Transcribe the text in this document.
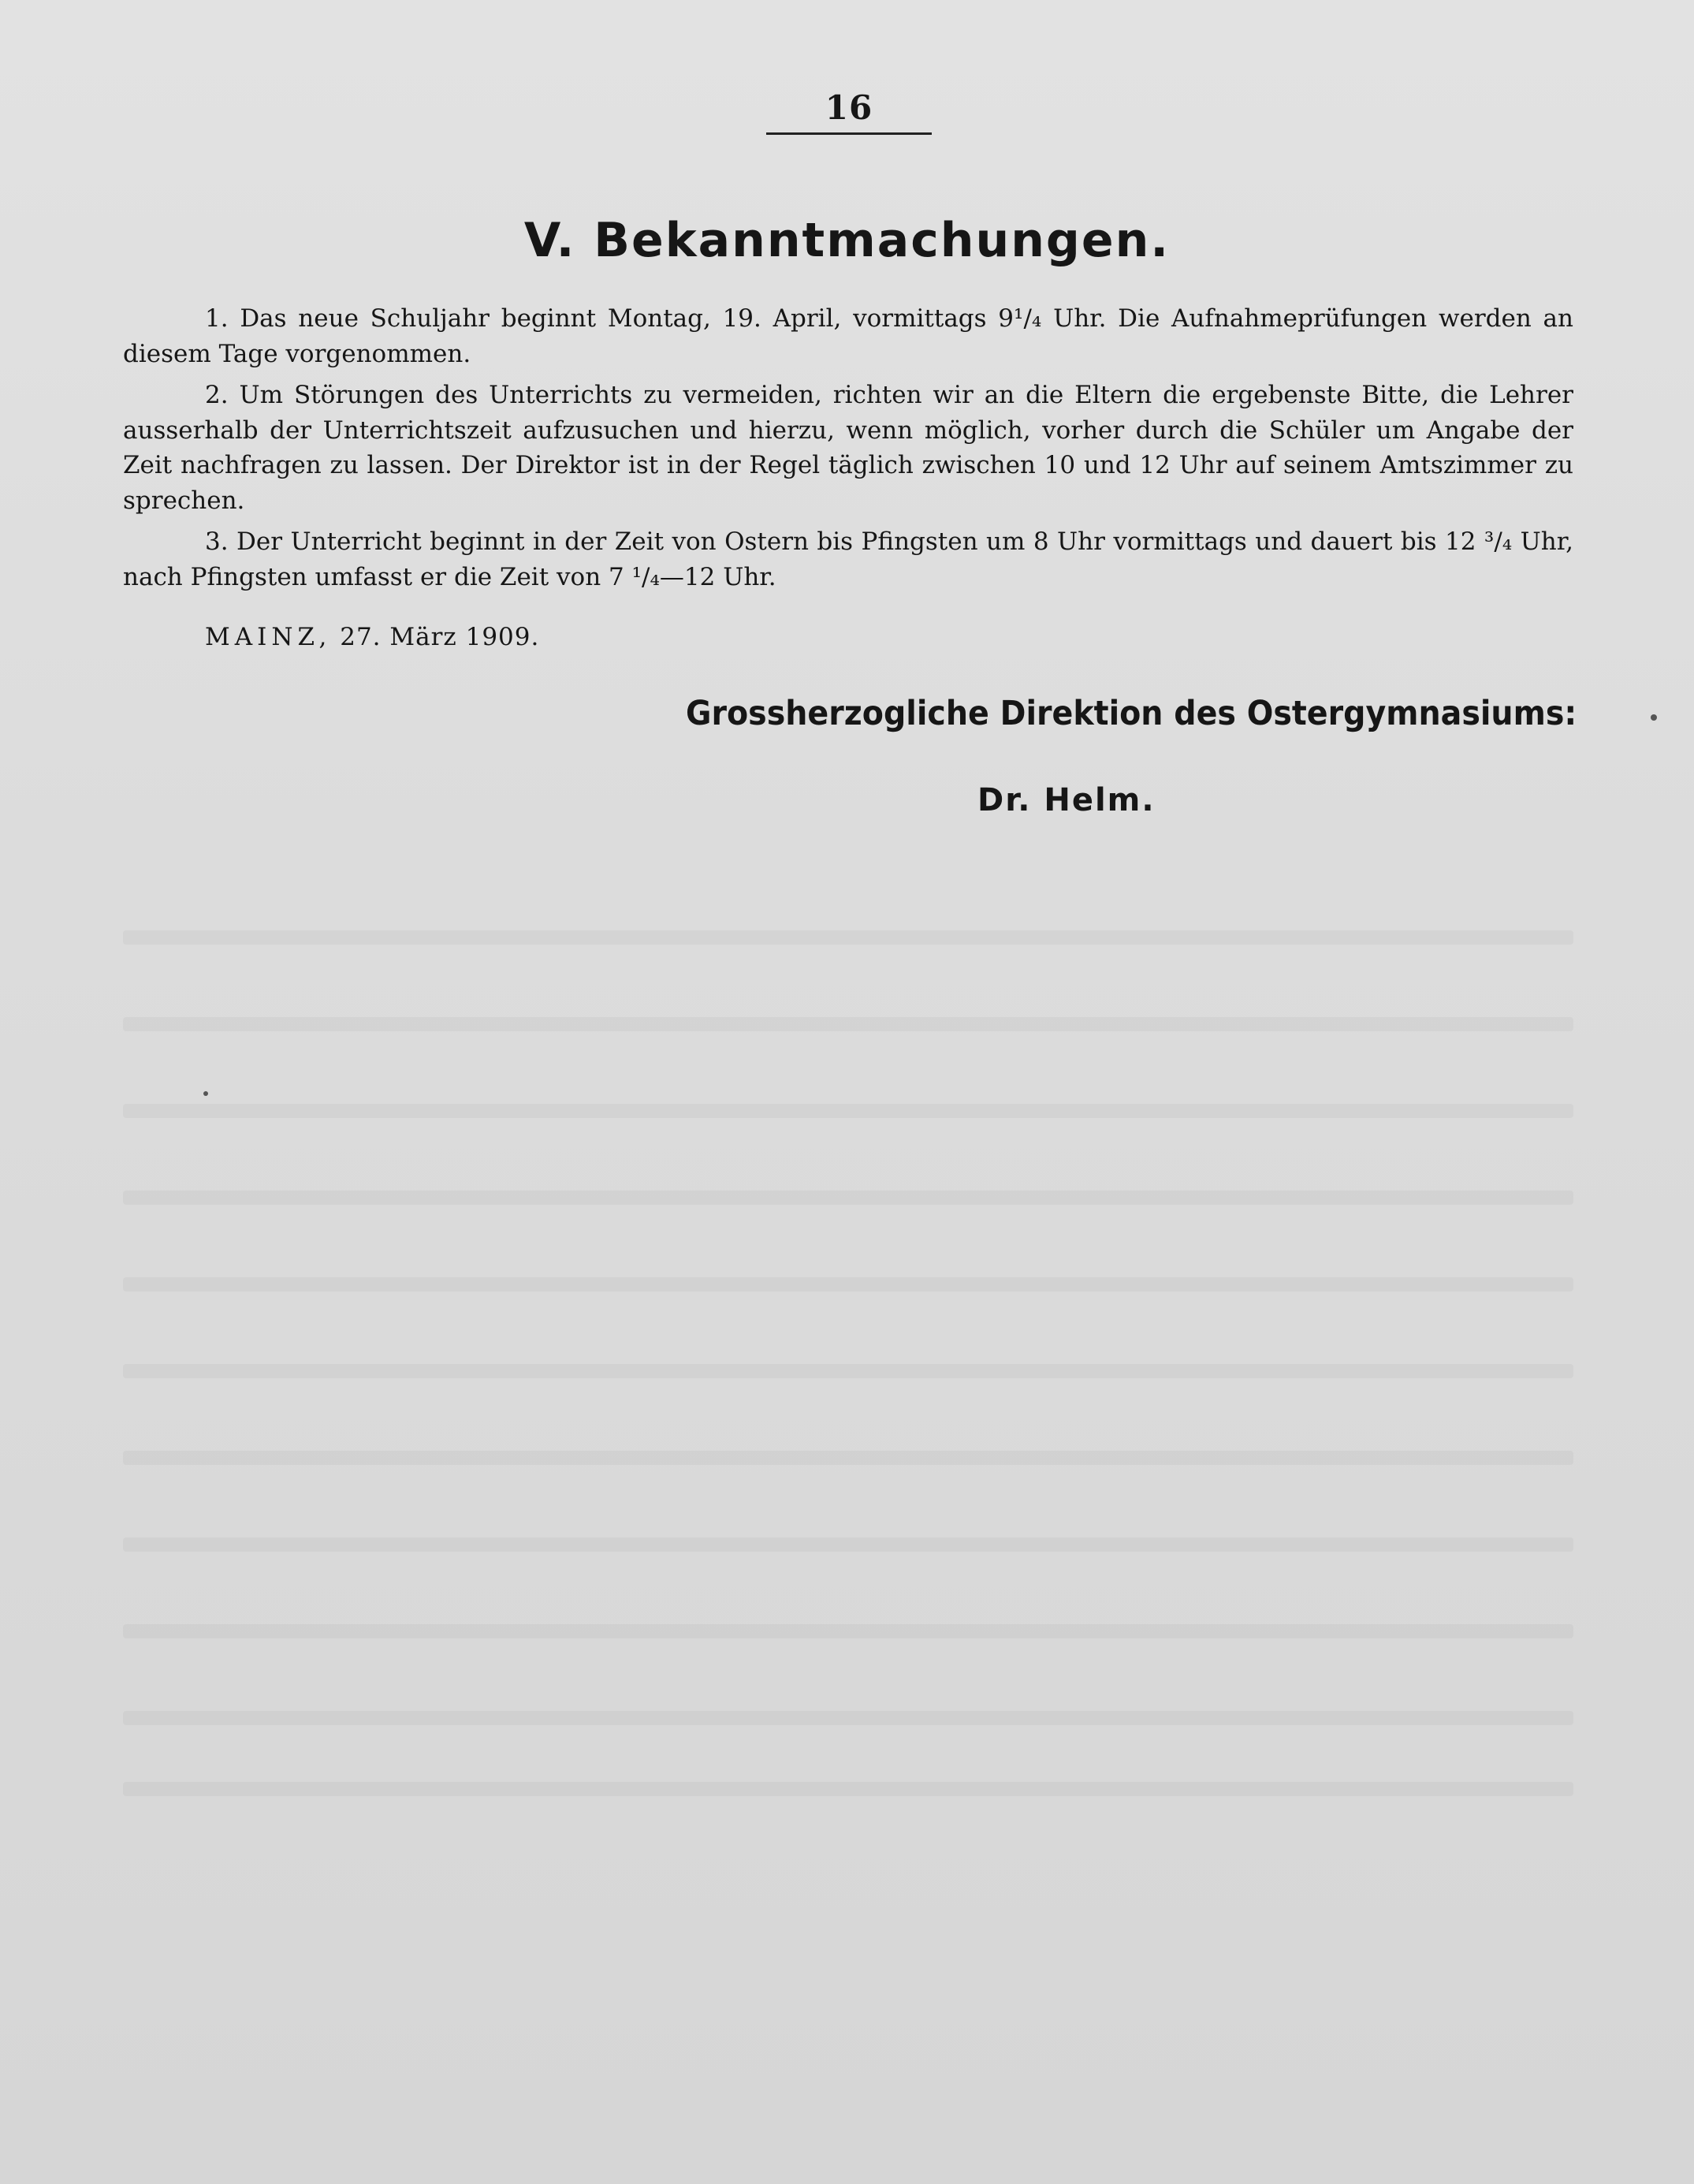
16
V. Bekanntmachungen.

1. Das neue Schuljahr beginnt Montag, 19. April, vormittags 9¹/₄ Uhr. Die Aufnahmeprüfungen werden an diesem Tage vorgenommen.

2. Um Störungen des Unterrichts zu vermeiden, richten wir an die Eltern die ergebenste Bitte, die Lehrer ausserhalb der Unterrichtszeit aufzusuchen und hierzu, wenn möglich, vorher durch die Schüler um Angabe der Zeit nachfragen zu lassen. Der Direktor ist in der Regel täglich zwischen 10 und 12 Uhr auf seinem Amtszimmer zu sprechen.

3. Der Unterricht beginnt in der Zeit von Ostern bis Pfingsten um 8 Uhr vormittags und dauert bis 12 ³/₄ Uhr, nach Pfingsten umfasst er die Zeit von 7 ¹/₄—12 Uhr.

MAINZ, 27. März 1909.
Grossherzogliche Direktion des Ostergymnasiums:
Dr. Helm.
